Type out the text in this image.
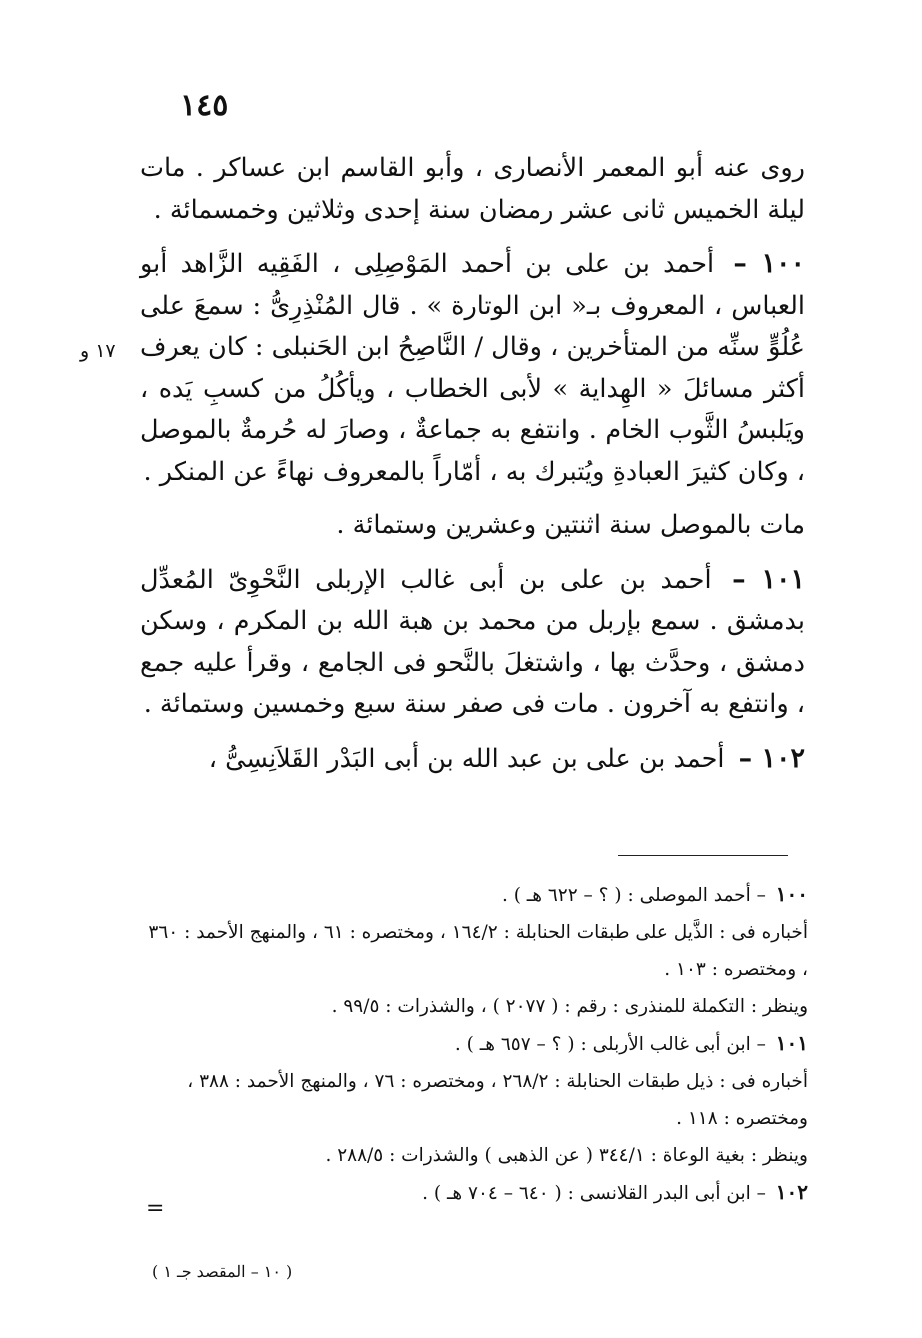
١٤٥
١٧ و

روى عنه أبو المعمر الأنصارى ، وأبو القاسم ابن عساكر . مات ليلة الخميس ثانى عشر رمضان سنة إحدى وثلاثين وخمسمائة .

١٠٠ – أحمد بن على بن أحمد المَوْصِلِى ، الفَقِيه الزَّاهد أبو العباس ، المعروف بـ« ابن الوتارة » . قال المُنْذِرِىُّ : سمعَ على عُلُوٍّ سنِّه من المتأخرين ، وقال / النَّاصِحُ ابن الحَنبلى : كان يعرف أكثر مسائلَ « الهِداية » لأبى الخطاب ، ويأكُلُ من كسبِ يَده ، ويَلبسُ الثَّوب الخام . وانتفع به جماعةٌ ، وصارَ له حُرمةٌ بالموصل ، وكان كثيرَ العبادةِ ويُتبرك به ، أمّاراً بالمعروف نهاءً عن المنكر .

مات بالموصل سنة اثنتين وعشرين وستمائة .

١٠١ – أحمد بن على بن أبى غالب الإربلى النَّحْوِىّ المُعدِّل بدمشق . سمع بإربل من محمد بن هبة الله بن المكرم ، وسكن دمشق ، وحدَّث بها ، واشتغلَ بالنَّحو فى الجامع ، وقرأ عليه جمع ، وانتفع به آخرون . مات فى صفر سنة سبع وخمسين وستمائة .

١٠٢ – أحمد بن على بن عبد الله بن أبى البَدْر القَلاَنِسِىُّ ،

١٠٠ – أحمد الموصلى : ( ؟ – ٦٢٢ هـ ) .

أخباره فى : الذَّيل على طبقات الحنابلة : ١٦٤/٢ ، ومختصره : ٦١ ، والمنهج الأحمد : ٣٦٠ ، ومختصره : ١٠٣ .

وينظر : التكملة للمنذرى : رقم : ( ٢٠٧٧ ) ، والشذرات : ٩٩/٥ .

١٠١ – ابن أبى غالب الأربلى : ( ؟ – ٦٥٧ هـ ) .

أخباره فى : ذيل طبقات الحنابلة : ٢٦٨/٢ ، ومختصره : ٧٦ ، والمنهج الأحمد : ٣٨٨ ، ومختصره : ١١٨ .

وينظر : بغية الوعاة : ٣٤٤/١ ( عن الذهبى ) والشذرات : ٢٨٨/٥ .

١٠٢ – ابن أبى البدر القلانسى : ( ٦٤٠ – ٧٠٤ هـ ) .

=
( ١٠ – المقصد جـ ١ )
